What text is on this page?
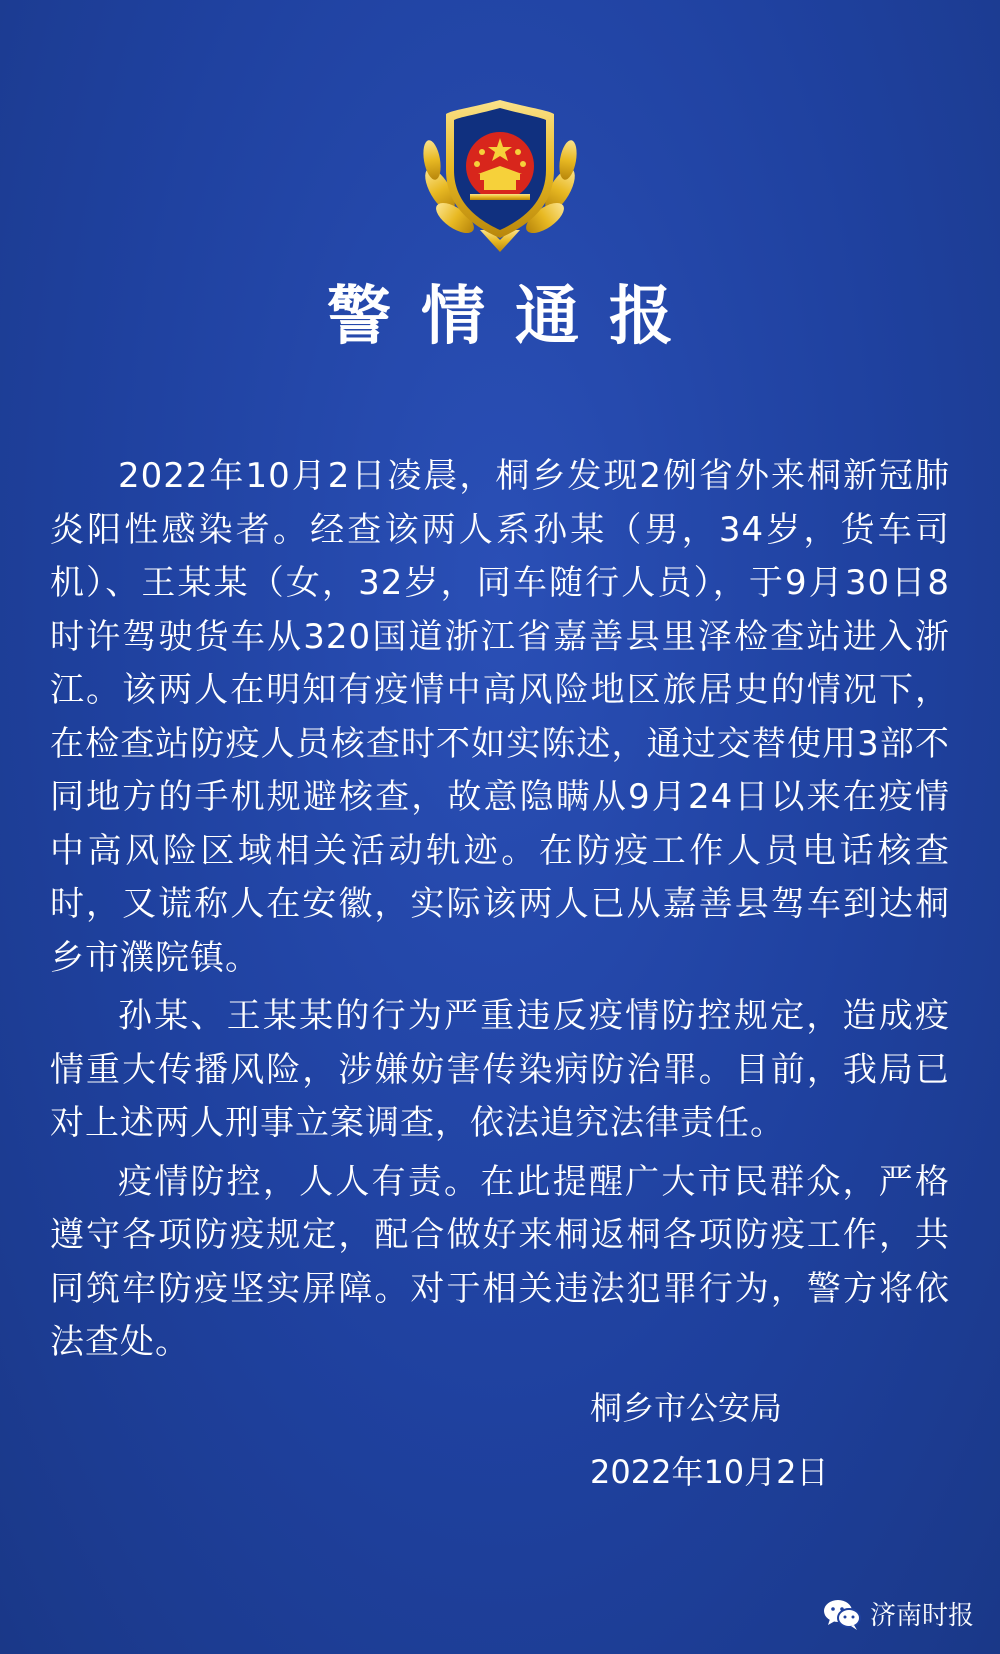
警情通报

2022年10月2日凌晨，桐乡发现2例省外来桐新冠肺炎阳性感染者。经查该两人系孙某（男，34岁，货车司机）、王某某（女，32岁，同车随行人员），于9月30日8时许驾驶货车从320国道浙江省嘉善县里泽检查站进入浙江。该两人在明知有疫情中高风险地区旅居史的情况下，在检查站防疫人员核查时不如实陈述，通过交替使用3部不同地方的手机规避核查，故意隐瞒从9月24日以来在疫情中高风险区域相关活动轨迹。在防疫工作人员电话核查时，又谎称人在安徽，实际该两人已从嘉善县驾车到达桐乡市濮院镇。

孙某、王某某的行为严重违反疫情防控规定，造成疫情重大传播风险，涉嫌妨害传染病防治罪。目前，我局已对上述两人刑事立案调查，依法追究法律责任。

疫情防控，人人有责。在此提醒广大市民群众，严格遵守各项防疫规定，配合做好来桐返桐各项防疫工作，共同筑牢防疫坚实屏障。对于相关违法犯罪行为，警方将依法查处。

桐乡市公安局
2022年10月2日
济南时报
